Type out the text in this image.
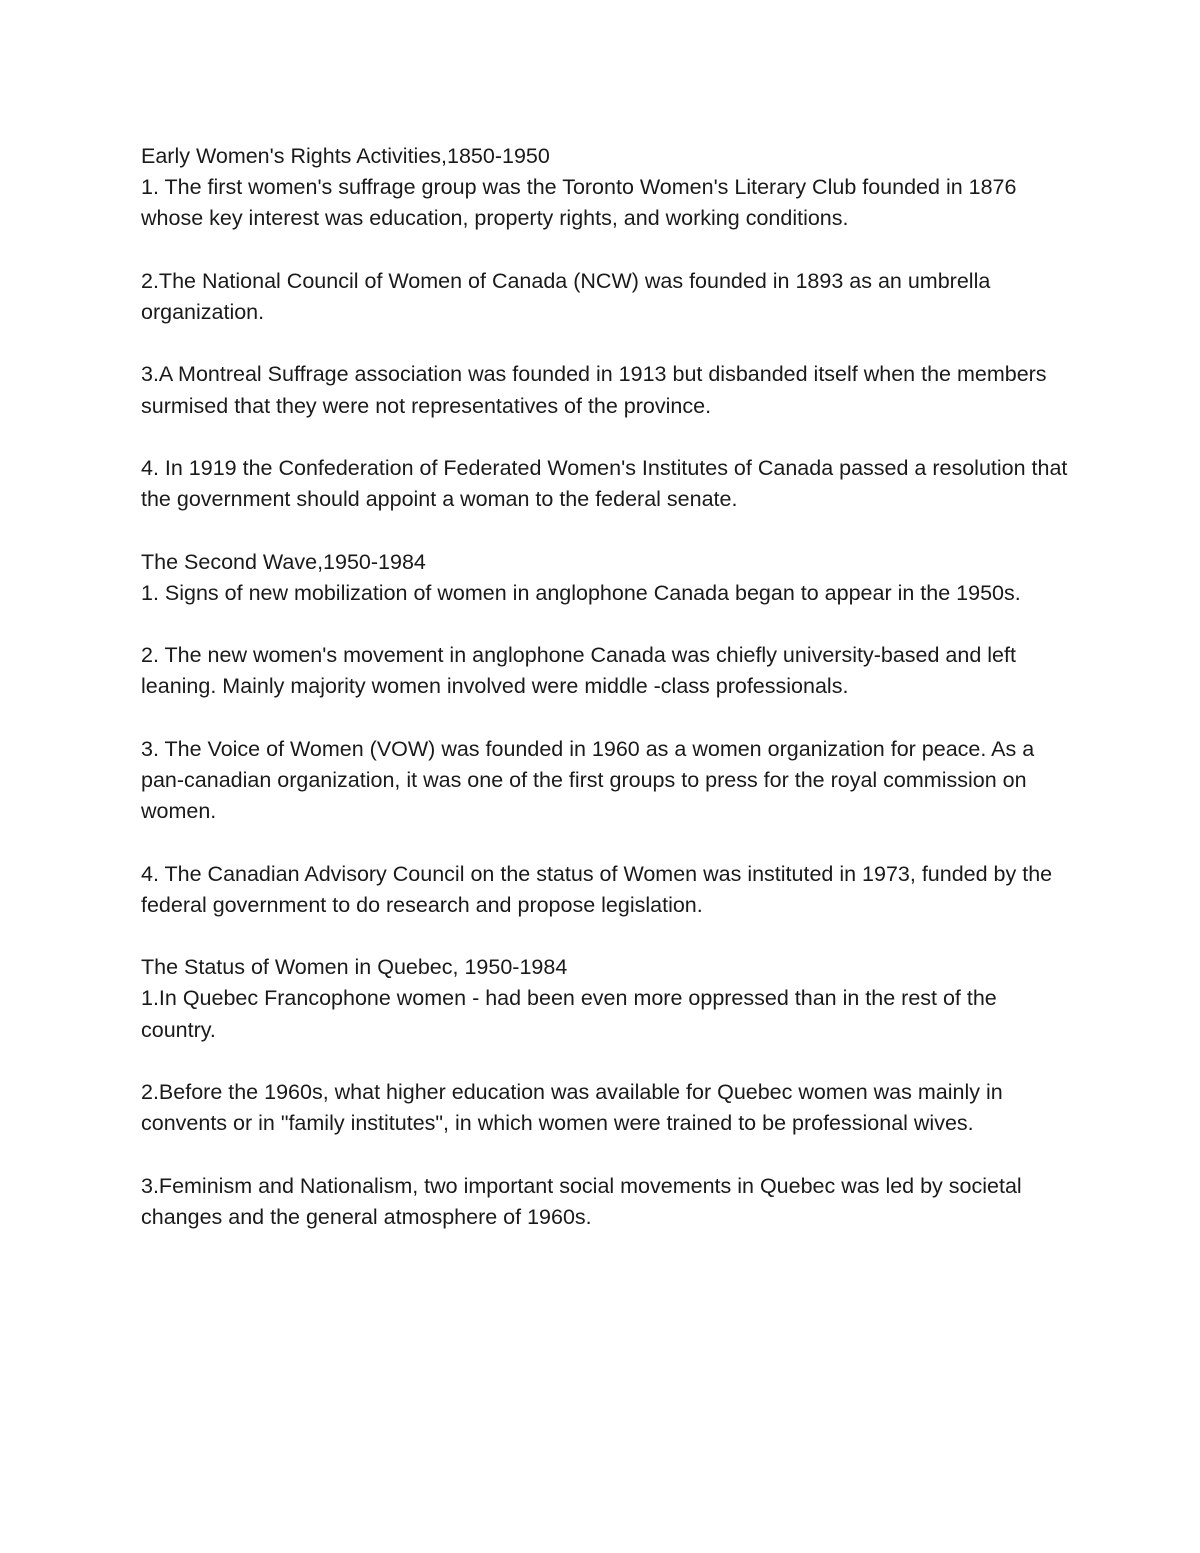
Early Women's Rights Activities,1850-1950

1. The first women's suffrage group was the Toronto Women's Literary Club founded in 1876 whose key interest was education, property rights, and working conditions.

2.The National Council of Women of Canada (NCW) was founded in 1893 as an umbrella organization.

3.A Montreal Suffrage association was founded in 1913 but disbanded itself when the members surmised that they were not representatives of the province.

4. In 1919 the Confederation of Federated Women's Institutes of Canada passed a resolution that the government should appoint a woman to the federal senate.

The Second Wave,1950-1984

1. Signs of new mobilization of women in anglophone Canada began to appear in the 1950s.

2. The new women's movement in anglophone Canada was chiefly university-based and left leaning. Mainly majority women involved were middle -class professionals.

3. The Voice of Women (VOW) was founded in 1960 as a women organization for peace. As a pan-canadian organization, it was one of the first groups to press for the royal commission on women.

4. The Canadian Advisory Council on the status of Women was instituted in 1973, funded by the federal government to do research and propose legislation.

The Status of Women in Quebec, 1950-1984

1.In Quebec Francophone women - had been even more oppressed than in the rest of the country.

2.Before the 1960s, what higher education was available for Quebec women was mainly in convents or in "family institutes", in which women were trained to be professional wives.

3.Feminism and Nationalism, two important social movements in Quebec was led by societal changes and the general atmosphere of 1960s.
